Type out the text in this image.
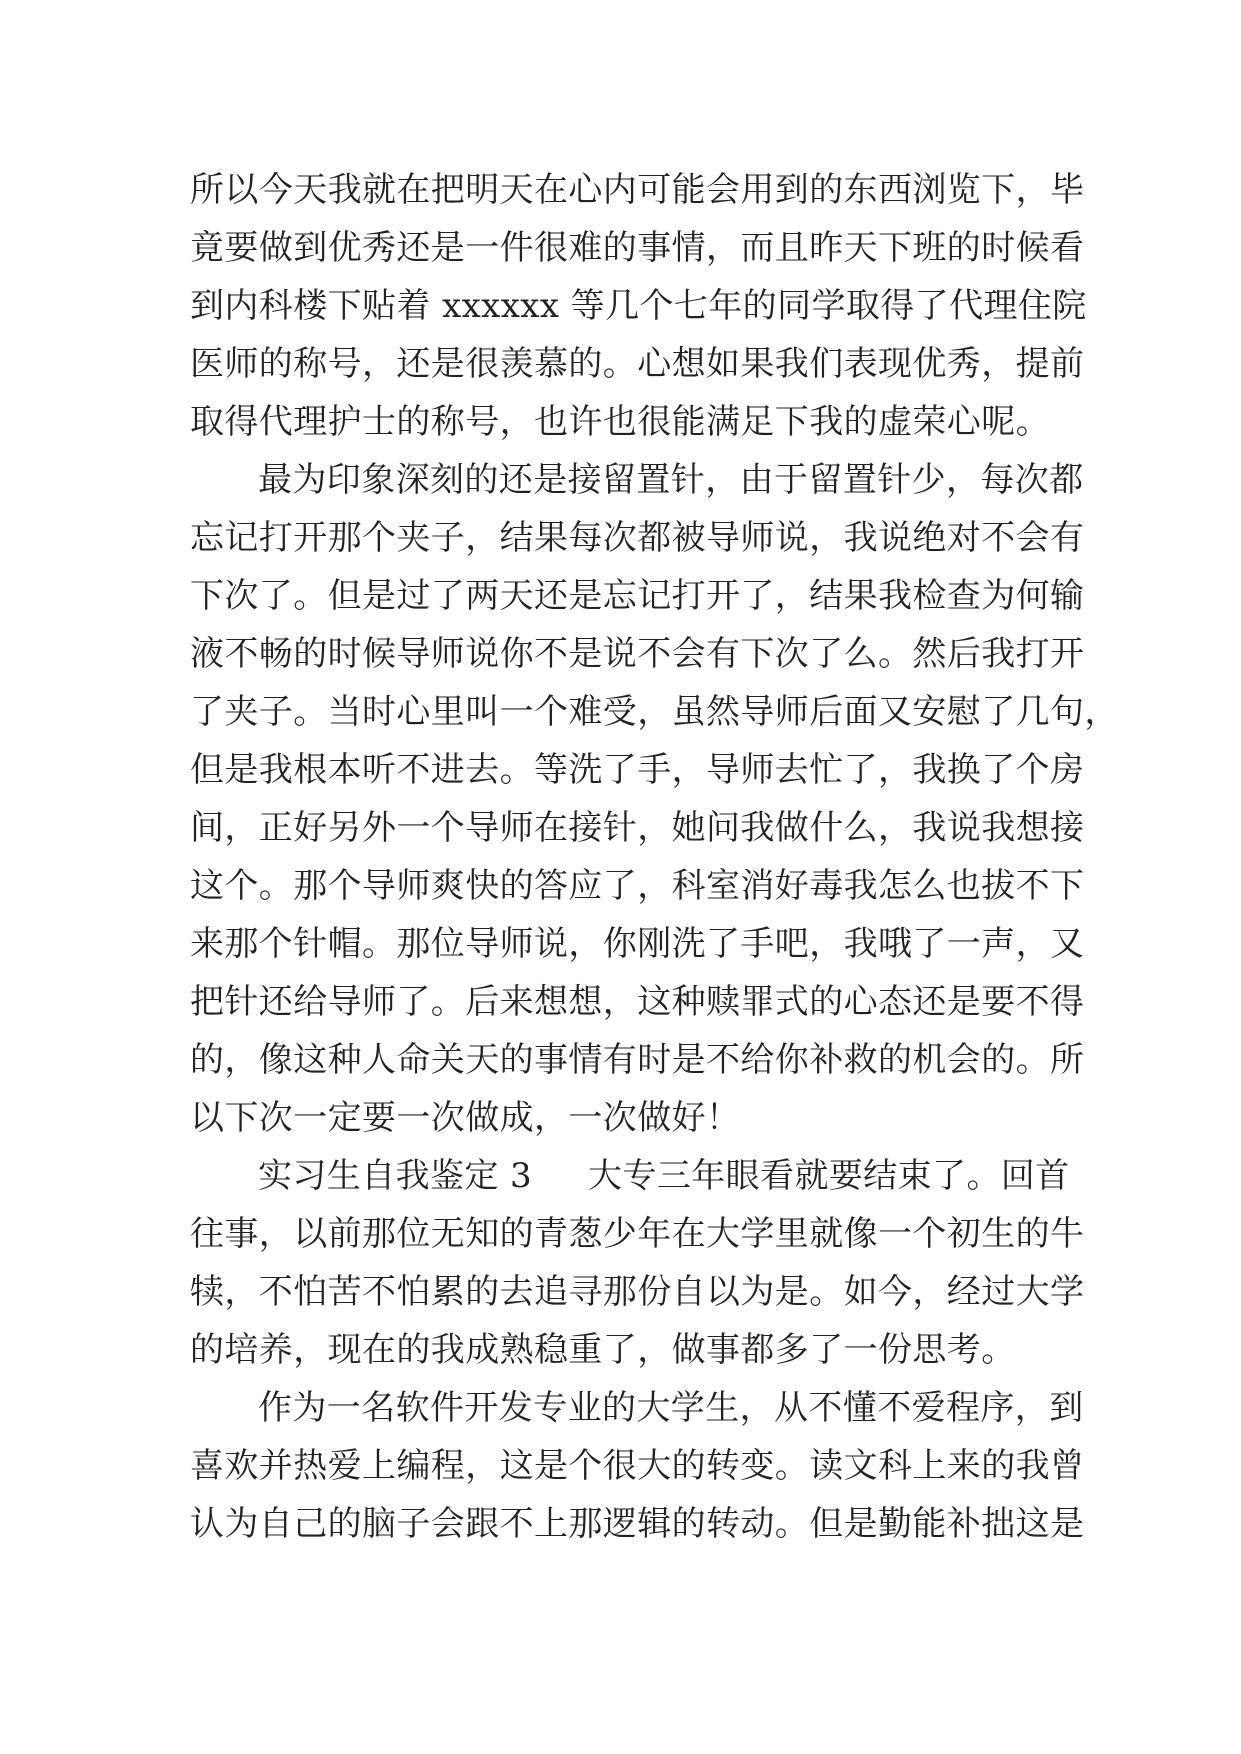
所以今天我就在把明天在心内可能会用到的东西浏览下，毕
竟要做到优秀还是一件很难的事情，而且昨天下班的时候看
到内科楼下贴着 xxxxxx 等几个七年的同学取得了代理住院
医师的称号，还是很羡慕的。心想如果我们表现优秀，提前
取得代理护士的称号，也许也很能满足下我的虚荣心呢。
最为印象深刻的还是接留置针，由于留置针少，每次都
忘记打开那个夹子，结果每次都被导师说，我说绝对不会有
下次了。但是过了两天还是忘记打开了，结果我检查为何输
液不畅的时候导师说你不是说不会有下次了么。然后我打开
了夹子。当时心里叫一个难受，虽然导师后面又安慰了几句，
但是我根本听不进去。等洗了手，导师去忙了，我换了个房
间，正好另外一个导师在接针，她问我做什么，我说我想接
这个。那个导师爽快的答应了，科室消好毒我怎么也拔不下
来那个针帽。那位导师说，你刚洗了手吧，我哦了一声，又
把针还给导师了。后来想想，这种赎罪式的心态还是要不得
的，像这种人命关天的事情有时是不给你补救的机会的。所
以下次一定要一次做成，一次做好！
实习生自我鉴定 3 大专三年眼看就要结束了。回首
往事，以前那位无知的青葱少年在大学里就像一个初生的牛
犊，不怕苦不怕累的去追寻那份自以为是。如今，经过大学
的培养，现在的我成熟稳重了，做事都多了一份思考。
作为一名软件开发专业的大学生，从不懂不爱程序，到
喜欢并热爱上编程，这是个很大的转变。读文科上来的我曾
认为自己的脑子会跟不上那逻辑的转动。但是勤能补拙这是
